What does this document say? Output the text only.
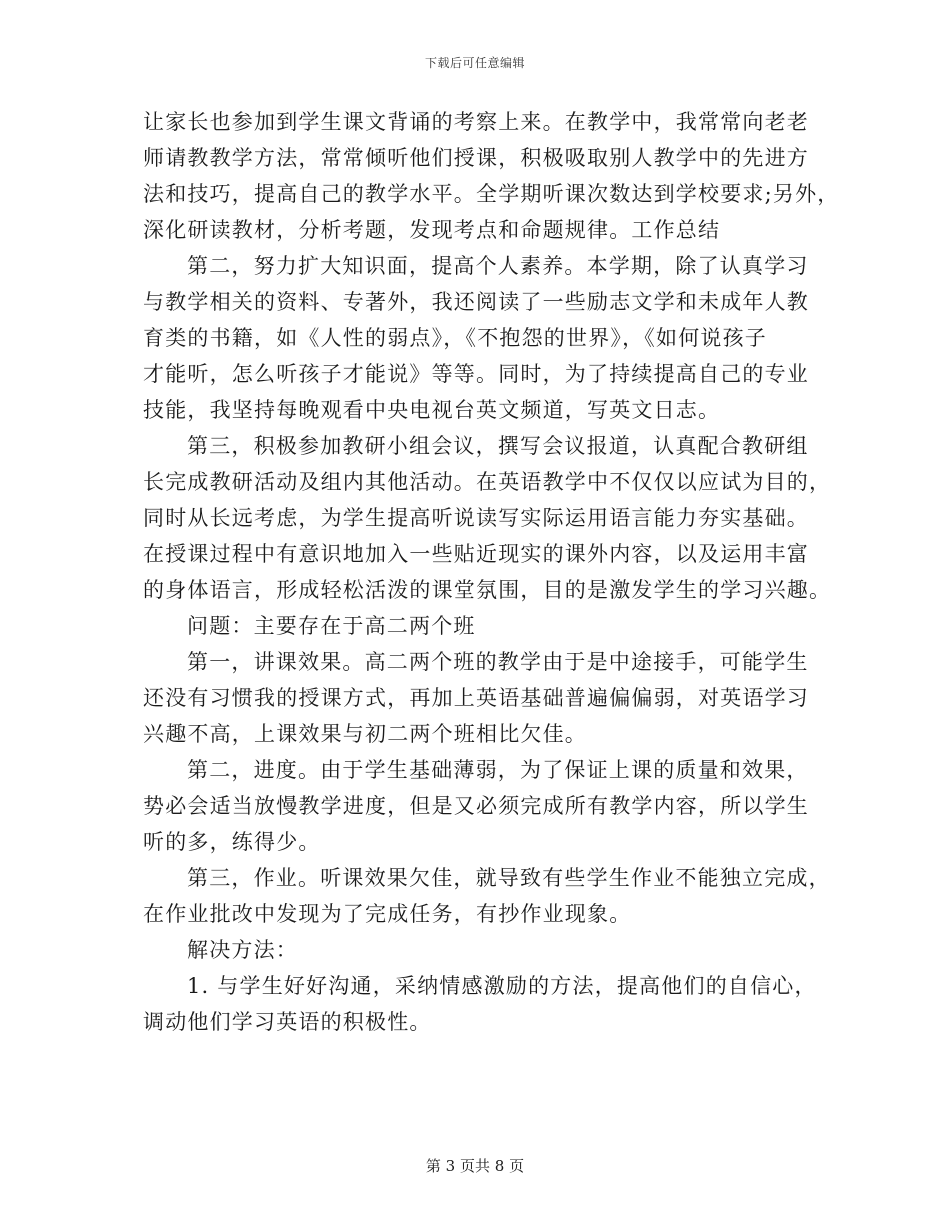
下载后可任意编辑
让家长也参加到学生课文背诵的考察上来。在教学中，我常常向老老
师请教教学方法，常常倾听他们授课，积极吸取别人教学中的先进方
法和技巧，提高自己的教学水平。全学期听课次数达到学校要求;另外，
深化研读教材，分析考题，发现考点和命题规律。工作总结
第二，努力扩大知识面，提高个人素养。本学期，除了认真学习
与教学相关的资料、专著外，我还阅读了一些励志文学和未成年人教
育类的书籍，如《人性的弱点》，《不抱怨的世界》，《如何说孩子
才能听，怎么听孩子才能说》等等。同时，为了持续提高自己的专业
技能，我坚持每晚观看中央电视台英文频道，写英文日志。
第三，积极参加教研小组会议，撰写会议报道，认真配合教研组
长完成教研活动及组内其他活动。在英语教学中不仅仅以应试为目的，
同时从长远考虑，为学生提高听说读写实际运用语言能力夯实基础。
在授课过程中有意识地加入一些贴近现实的课外内容，以及运用丰富
的身体语言，形成轻松活泼的课堂氛围，目的是激发学生的学习兴趣。
问题：主要存在于高二两个班
第一，讲课效果。高二两个班的教学由于是中途接手，可能学生
还没有习惯我的授课方式，再加上英语基础普遍偏偏弱，对英语学习
兴趣不高，上课效果与初二两个班相比欠佳。
第二，进度。由于学生基础薄弱，为了保证上课的质量和效果，
势必会适当放慢教学进度，但是又必须完成所有教学内容，所以学生
听的多，练得少。
第三，作业。听课效果欠佳，就导致有些学生作业不能独立完成，
在作业批改中发现为了完成任务，有抄作业现象。
解决方法：
1. 与学生好好沟通，采纳情感激励的方法，提高他们的自信心，
调动他们学习英语的积极性。
第 3 页共 8 页
